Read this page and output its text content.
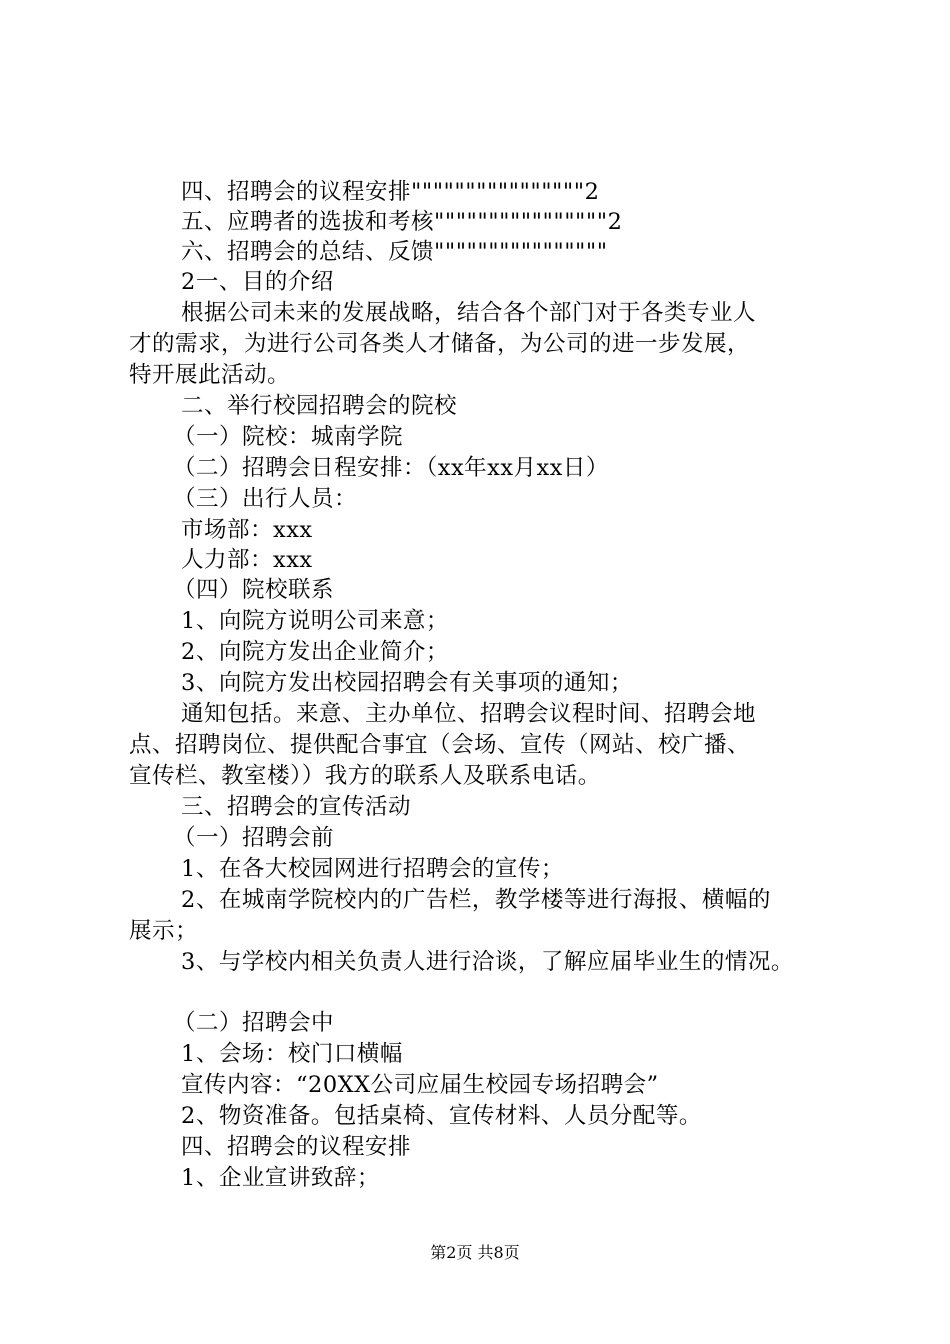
四、招聘会的议程安排""""""""""""""""2
五、应聘者的选拔和考核""""""""""""""""2
六、招聘会的总结、反馈""""""""""""""""
2一、目的介绍
根据公司未来的发展战略，结合各个部门对于各类专业人
才的需求，为进行公司各类人才储备，为公司的进一步发展，
特开展此活动。
二、举行校园招聘会的院校
（一）院校：城南学院
（二）招聘会日程安排：（xx年xx月xx日）
（三）出行人员：
市场部：xxx
人力部：xxx
（四）院校联系
1、向院方说明公司来意；
2、向院方发出企业简介；
3、向院方发出校园招聘会有关事项的通知；
通知包括。来意、主办单位、招聘会议程时间、招聘会地
点、招聘岗位、提供配合事宜（会场、宣传（网站、校广播、
宣传栏、教室楼））我方的联系人及联系电话。
三、招聘会的宣传活动
（一）招聘会前
1、在各大校园网进行招聘会的宣传；
2、在城南学院校内的广告栏，教学楼等进行海报、横幅的
展示；
3、与学校内相关负责人进行洽谈，了解应届毕业生的情况。
（二）招聘会中
1、会场：校门口横幅
宣传内容：“20XX公司应届生校园专场招聘会”
2、物资准备。包括桌椅、宣传材料、人员分配等。
四、招聘会的议程安排
1、企业宣讲致辞；
第2页 共8页
